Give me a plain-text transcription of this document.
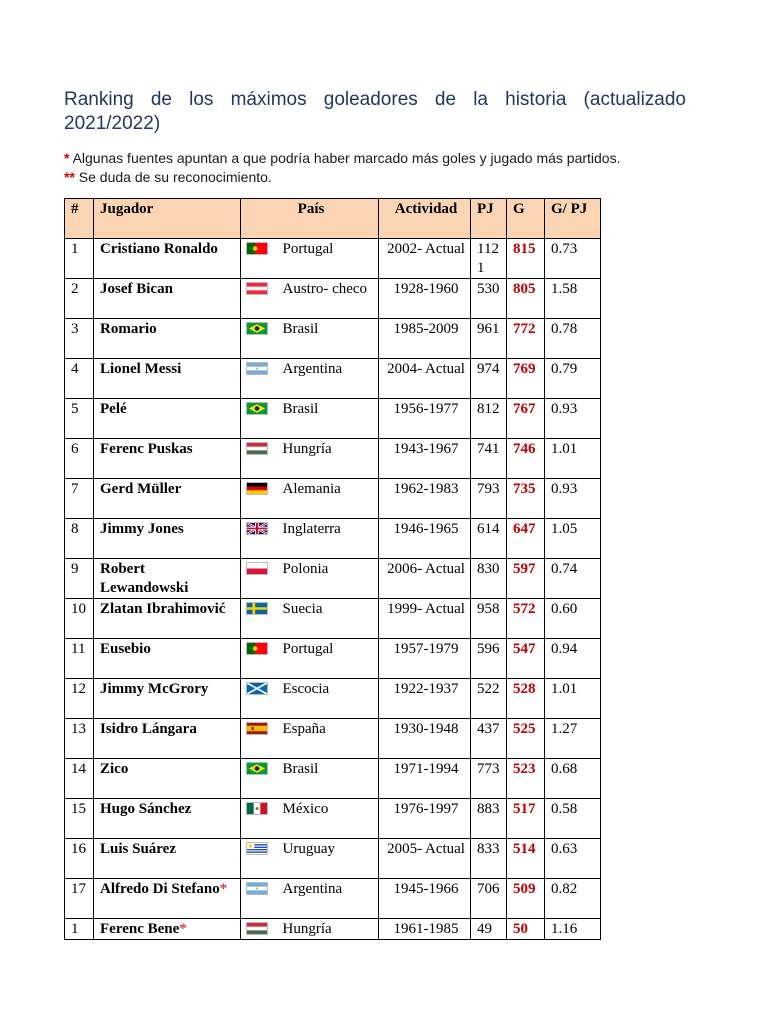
Ranking de los máximos goleadores de la historia (actualizado 2021/2022)

* Algunas fuentes apuntan a que podría haber marcado más goles y jugado más partidos.
** Se duda de su reconocimiento.
#	Jugador	País		Actividad	PJ	G	G/ PJ
1	Cristiano Ronaldo		Portugal	2002- Actual	1121	815	0.73
2	Josef Bican		Austro- checo	1928-1960	530	805	1.58
3	Romario		Brasil	1985-2009	961	772	0.78
4	Lionel Messi		Argentina	2004- Actual	974	769	0.79
5	Pelé		Brasil	1956-1977	812	767	0.93
6	Ferenc Puskas		Hungría	1943-1967	741	746	1.01
7	Gerd Müller		Alemania	1962-1983	793	735	0.93
8	Jimmy Jones		Inglaterra	1946-1965	614	647	1.05
9	Robert Lewandowski		Polonia	2006- Actual	830	597	0.74
10	Zlatan Ibrahimović		Suecia	1999- Actual	958	572	0.60
11	Eusebio		Portugal	1957-1979	596	547	0.94
12	Jimmy McGrory		Escocia	1922-1937	522	528	1.01
13	Isidro Lángara		España	1930-1948	437	525	1.27
14	Zico		Brasil	1971-1994	773	523	0.68
15	Hugo Sánchez		México	1976-1997	883	517	0.58
16	Luis Suárez		Uruguay	2005- Actual	833	514	0.63
17	Alfredo Di Stefano*		Argentina	1945-1966	706	509	0.82
1	Ferenc Bene*		Hungría	1961-1985	49	50	1.16
